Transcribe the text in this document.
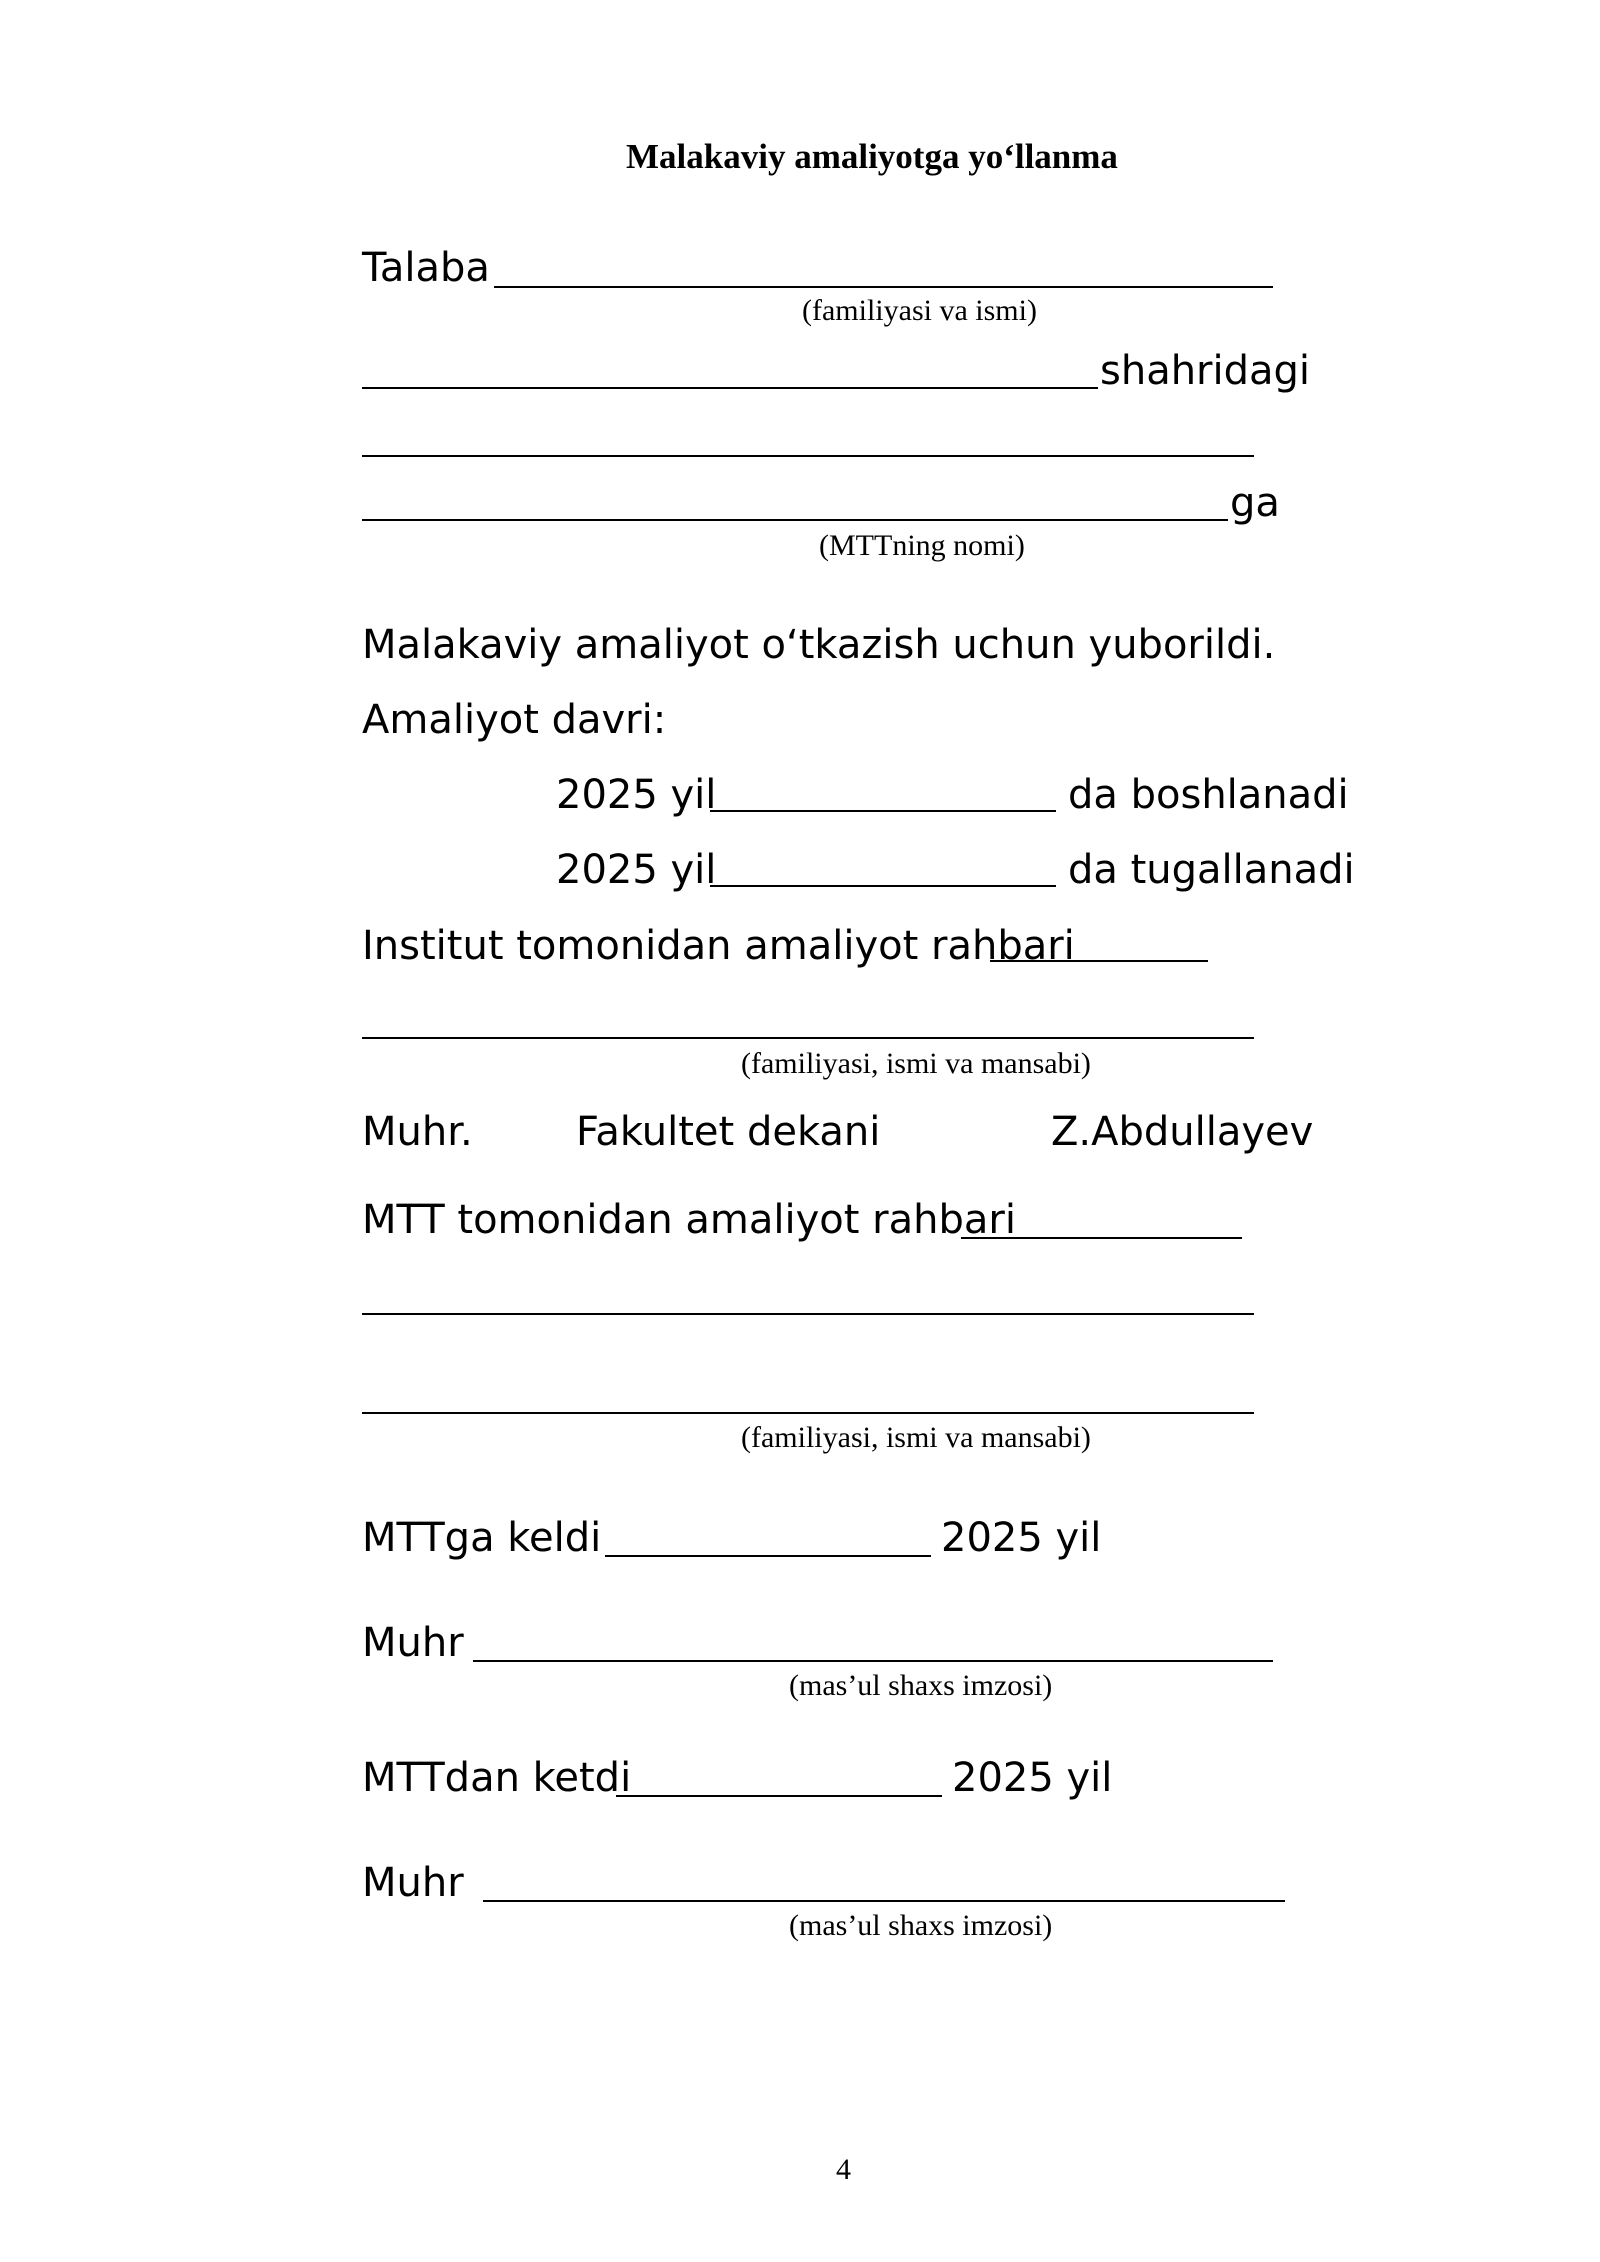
Malakaviy amaliyotga yo‘llanma
Talaba
(familiyasi va ismi)
shahridagi
ga
(MTTning nomi)
Malakaviy amaliyot o‘tkazish uchun yuborildi.
Amaliyot davri:
2025 yil	da boshlanadi
2025 yil	da tugallanadi
Institut tomonidan amaliyot rahbari
(familiyasi, ismi va mansabi)
Muhr.	Fakultet dekani	Z.Abdullayev
MTT tomonidan amaliyot rahbari
(familiyasi, ismi va mansabi)
MTTga keldi	2025 yil
Muhr
(mas’ul shaxs imzosi)
MTTdan ketdi	2025 yil
Muhr
(mas’ul shaxs imzosi)
4
